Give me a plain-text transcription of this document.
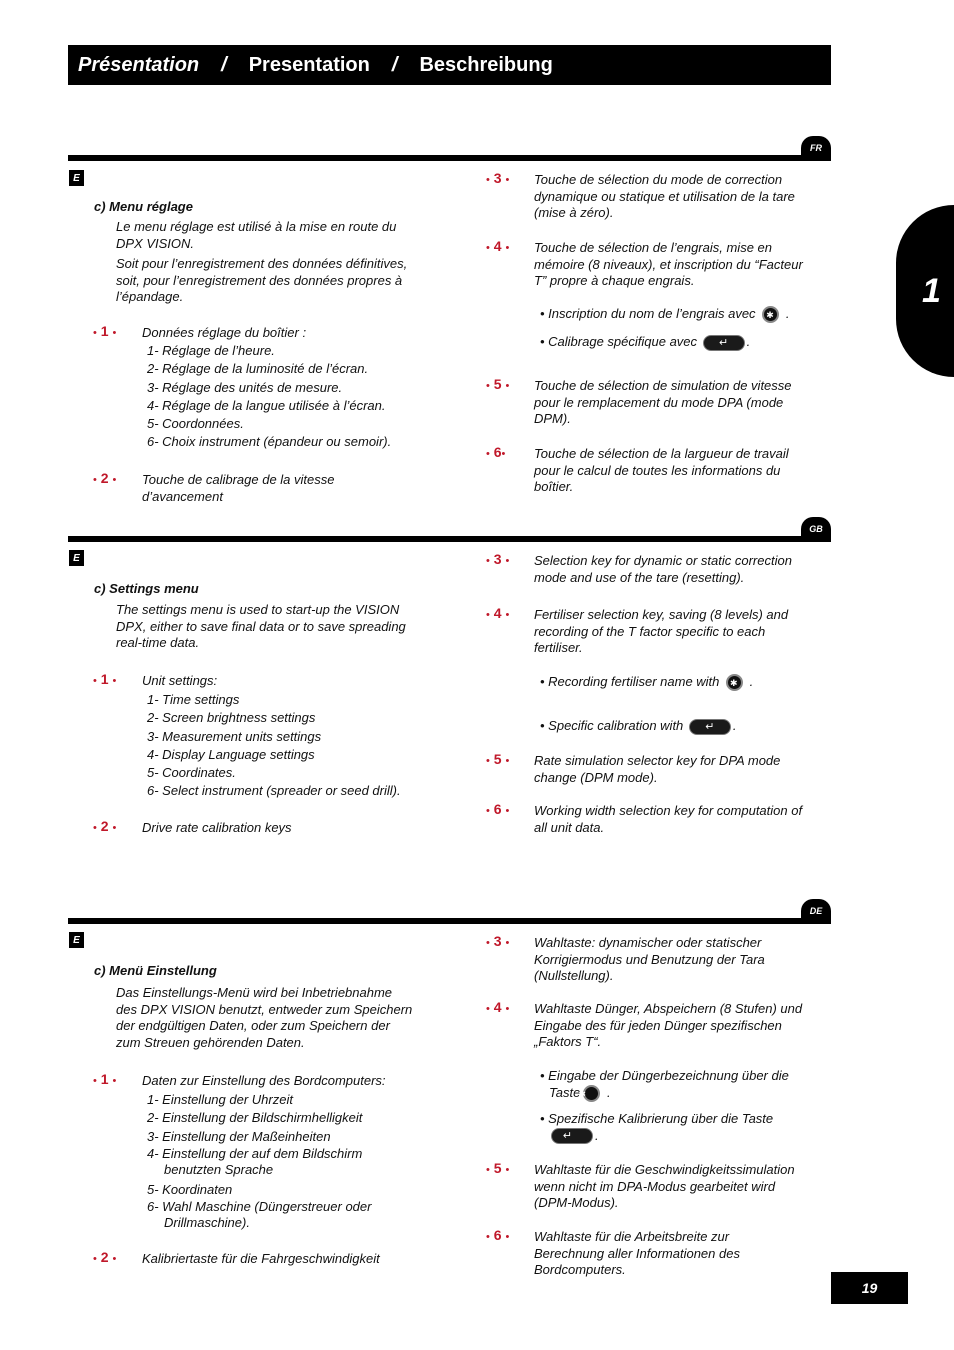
Présentation / Presentation / Beschreibung
1
FR
E
c) Menu réglage
Le menu réglage est utilisé à la mise en route du DPX VISION.
Soit pour l’enregistrement des données définitives, soit, pour l’enregistrement des données propres à l’épandage.
• 1 • Données réglage du boîtier :
1- Réglage de l’heure.
2- Réglage de la luminosité de l’écran.
3- Réglage des unités de mesure.
4- Réglage de la langue utilisée à l’écran.
5- Coordonnées.
6- Choix instrument (épandeur ou semoir).
• 2 • Touche de calibrage de la vitesse d’avancement
• 3 • Touche de sélection du mode de correction dynamique ou statique et utilisation de la tare (mise à zéro).
• 4 • Touche de sélection de l’engrais, mise en mémoire (8 niveaux), et inscription du “Facteur T” propre à chaque engrais.
• Inscription du nom de l’engrais avec ✱ .
• Calibrage spécifique avec ↵ .
• 5 • Touche de sélection de simulation de vitesse pour le remplacement du mode DPA (mode DPM).
• 6• Touche de sélection de la largueur de travail pour le calcul de toutes les informations du boîtier.
GB
E
c) Settings menu
The settings menu is used to start-up the VISION DPX, either to save final data or to save spreading real-time data.
• 1 • Unit settings:
1- Time settings
2- Screen brightness settings
3- Measurement units settings
4- Display Language settings
5- Coordinates.
6- Select instrument (spreader or seed drill).
• 2 • Drive rate calibration keys
• 3 • Selection key for dynamic or static correction mode and use of the tare (resetting).
• 4 • Fertiliser selection key, saving (8 levels) and recording of the T factor specific to each fertiliser.
• Recording fertiliser name with ✱ .
• Specific calibration with ↵ .
• 5 • Rate simulation selector key for DPA mode change (DPM mode).
• 6 • Working width selection key for computation of all unit data.
DE
E
c) Menü Einstellung
Das Einstellungs-Menü wird bei Inbetriebnahme des DPX VISION benutzt, entweder zum Speichern der endgültigen Daten, oder zum Speichern der zum Streuen gehörenden Daten.
• 1 • Daten zur Einstellung des Bordcomputers:
1- Einstellung der Uhrzeit
2- Einstellung der Bildschirmhelligkeit
3- Einstellung der Maßeinheiten
4- Einstellung der auf dem Bildschirm benutzten Sprache
5- Koordinaten
6- Wahl Maschine (Düngerstreuer oder Drillmaschine).
• 2 • Kalibriertaste für die Fahrgeschwindigkeit
• 3 • Wahltaste: dynamischer oder statischer Korrigiermodus und Benutzung der Tara (Nullstellung).
• 4 • Wahltaste Dünger, Abspeichern (8 Stufen) und Eingabe des für jeden Dünger spezifischen „Faktors T“.
• Eingabe der Düngerbezeichnung über die Taste ✱ .
• Spezifische Kalibrierung über die Taste ↵ .
• 5 • Wahltaste für die Geschwindigkeitssimulation wenn nicht im DPA-Modus gearbeitet wird (DPM-Modus).
• 6 • Wahltaste für die Arbeitsbreite zur Berechnung aller Informationen des Bordcomputers.
19
